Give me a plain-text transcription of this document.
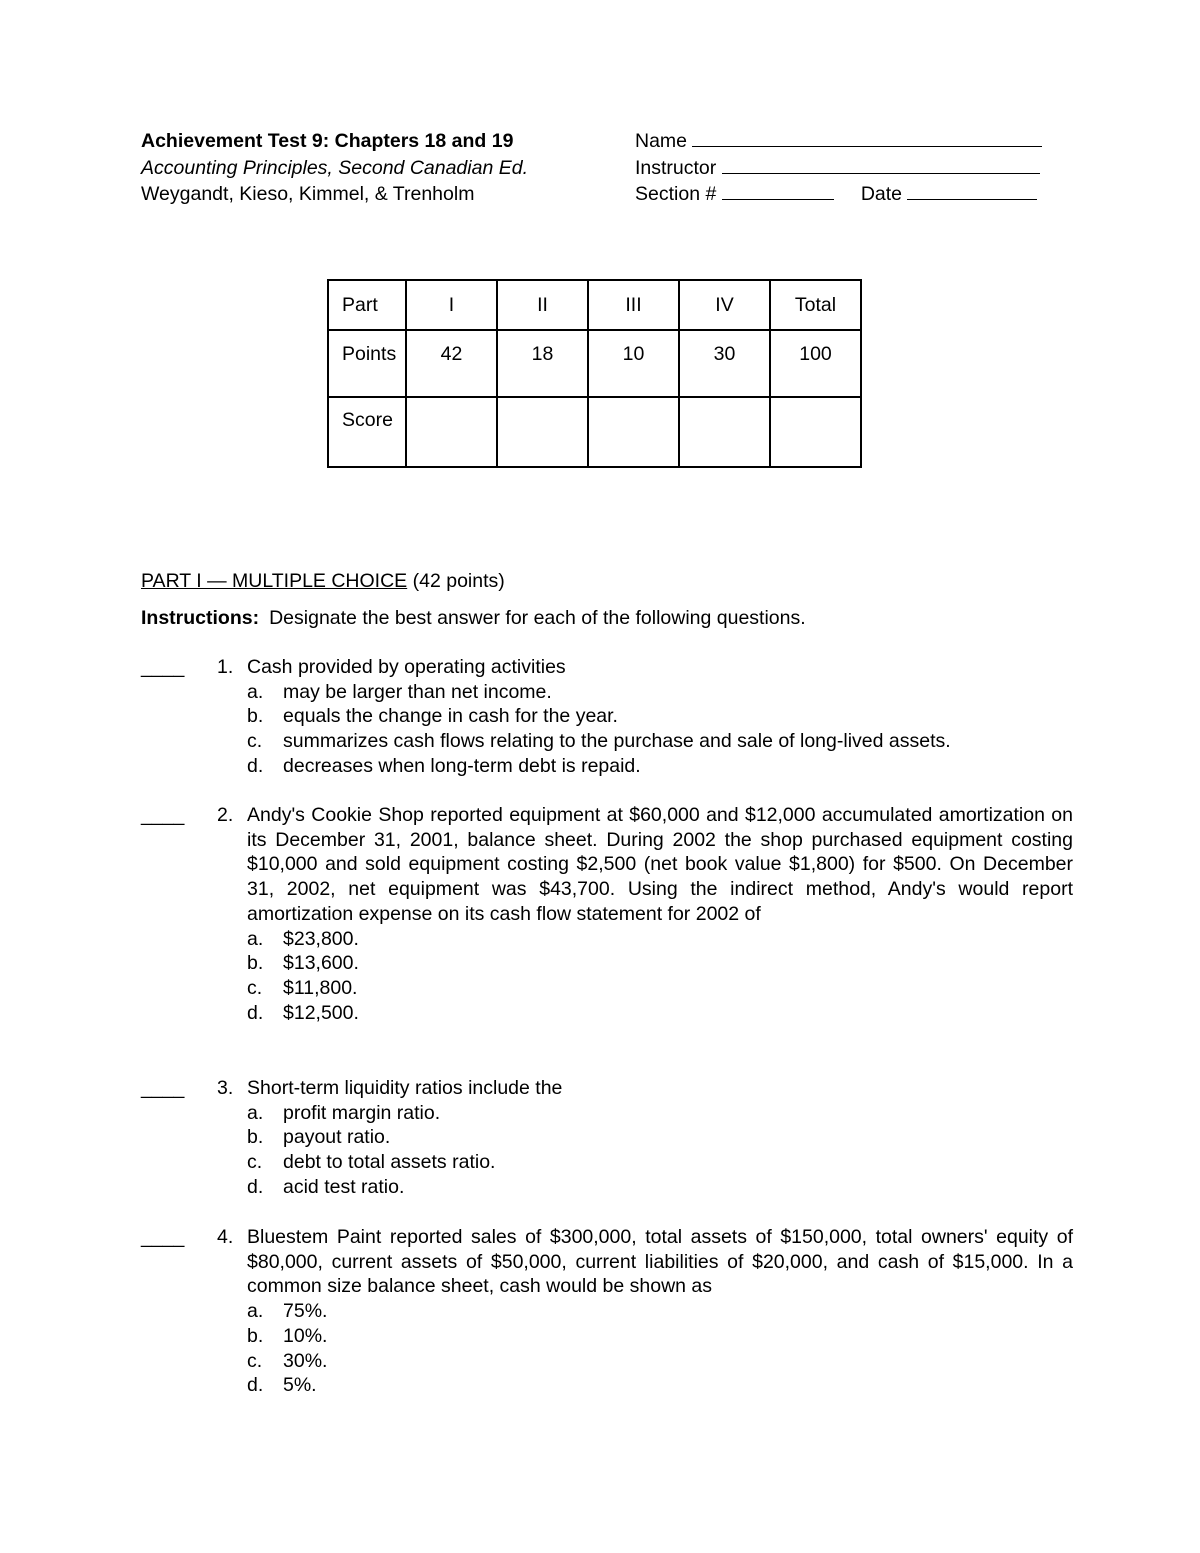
Achievement Test 9: Chapters 18 and 19
Accounting Principles, Second Canadian Ed.
Weygandt, Kieso, Kimmel, & Trenholm
Name
Instructor
Section #	Date
Part	I	II	III	IV	Total
Points	42	18	10	30	100
Score					
PART I — MULTIPLE CHOICE (42 points)
Instructions: Designate the best answer for each of the following questions.
____ 1. Cash provided by operating activities
a. may be larger than net income.
b. equals the change in cash for the year.
c. summarizes cash flows relating to the purchase and sale of long-lived assets.
d. decreases when long-term debt is repaid.
____ 2. Andy's Cookie Shop reported equipment at $60,000 and $12,000 accumulated amortization on its December 31, 2001, balance sheet. During 2002 the shop purchased equipment costing $10,000 and sold equipment costing $2,500 (net book value $1,800) for $500. On December 31, 2002, net equipment was $43,700. Using the indirect method, Andy's would report amortization expense on its cash flow statement for 2002 of
a. $23,800.
b. $13,600.
c. $11,800.
d. $12,500.
____ 3. Short-term liquidity ratios include the
a. profit margin ratio.
b. payout ratio.
c. debt to total assets ratio.
d. acid test ratio.
____ 4. Bluestem Paint reported sales of $300,000, total assets of $150,000, total owners' equity of $80,000, current assets of $50,000, current liabilities of $20,000, and cash of $15,000. In a common size balance sheet, cash would be shown as
a. 75%.
b. 10%.
c. 30%.
d. 5%.
